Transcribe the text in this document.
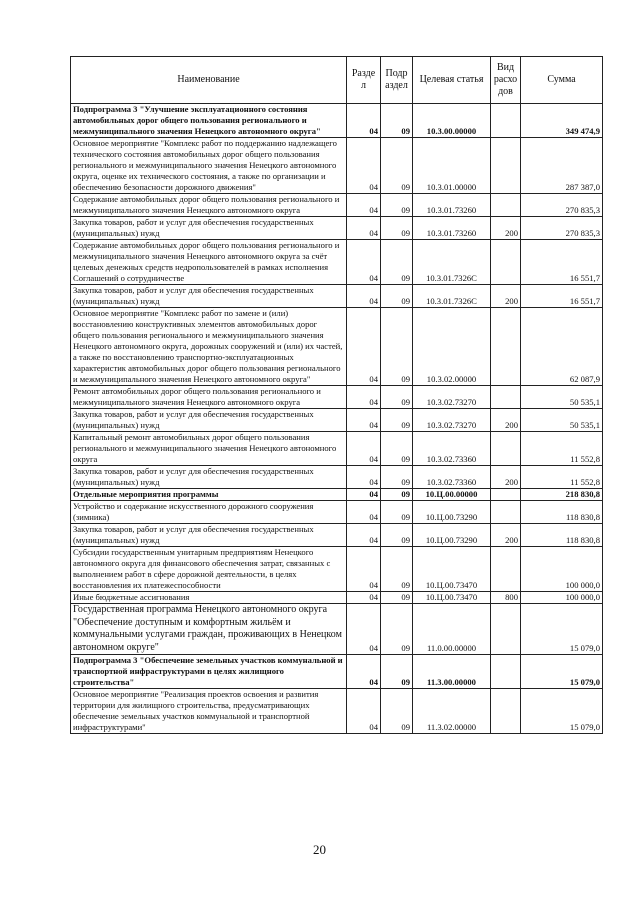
Наименование	Разде л	Подр аздел	Целевая статья	Вид расхо дов	Сумма
Подпрограмма 3 "Улучшение эксплуатационного состояния автомобильных дорог общего пользования регионального и межмуниципального значения Ненецкого автономного округа"	04	09	10.3.00.00000		349 474,9
Основное мероприятие "Комплекс работ по поддержанию надлежащего технического состояния автомобильных дорог общего пользования регионального и межмуниципального значения Ненецкого автономного округа, оценке их технического состояния, а также по организации и обеспечению безопасности дорожного движения"	04	09	10.3.01.00000		287 387,0
Содержание автомобильных дорог общего пользования регионального и межмуниципального значения Ненецкого автономного округа	04	09	10.3.01.73260		270 835,3
Закупка товаров, работ и услуг для обеспечения государственных (муниципальных) нужд	04	09	10.3.01.73260	200	270 835,3
Содержание автомобильных дорог общего пользования регионального и межмуниципального значения Ненецкого автономного округа за счёт целевых денежных средств недропользователей в рамках исполнения Соглашений о сотрудничестве	04	09	10.3.01.7326С		16 551,7
Закупка товаров, работ и услуг для обеспечения государственных (муниципальных) нужд	04	09	10.3.01.7326С	200	16 551,7
Основное мероприятие "Комплекс работ по замене и (или) восстановлению конструктивных элементов автомобильных дорог общего пользования регионального и межмуниципального значения Ненецкого автономного округа, дорожных сооружений и (или) их частей, а также по восстановлению транспортно-эксплуатационных характеристик автомобильных дорог общего пользования регионального и межмуниципального значения Ненецкого автономного округа"	04	09	10.3.02.00000		62 087,9
Ремонт автомобильных дорог общего пользования регионального и межмуниципального значения Ненецкого автономного округа	04	09	10.3.02.73270		50 535,1
Закупка товаров, работ и услуг для обеспечения государственных (муниципальных) нужд	04	09	10.3.02.73270	200	50 535,1
Капитальный ремонт автомобильных дорог общего пользования регионального и межмуниципального значения Ненецкого автономного округа	04	09	10.3.02.73360		11 552,8
Закупка товаров, работ и услуг для обеспечения государственных (муниципальных) нужд	04	09	10.3.02.73360	200	11 552,8
Отдельные мероприятия программы	04	09	10.Ц.00.00000		218 830,8
Устройство и содержание искусственного дорожного сооружения (зимника)	04	09	10.Ц.00.73290		118 830,8
Закупка товаров, работ и услуг для обеспечения государственных (муниципальных) нужд	04	09	10.Ц.00.73290	200	118 830,8
Субсидии государственным унитарным предприятиям Ненецкого автономного округа для финансового обеспечения затрат, связанных с выполнением работ в сфере дорожной деятельности, в целях восстановления их платежеспособности	04	09	10.Ц.00.73470		100 000,0
Иные бюджетные ассигнования	04	09	10.Ц.00.73470	800	100 000,0
Государственная программа Ненецкого автономного округа "Обеспечение доступным и комфортным жильём и коммунальными услугами граждан, проживающих в Ненецком автономном округе"	04	09	11.0.00.00000		15 079,0
Подпрограмма 3 "Обеспечение земельных участков коммунальной и транспортной инфраструктурами в целях жилищного строительства"	04	09	11.3.00.00000		15 079,0
Основное мероприятие "Реализация проектов освоения и развития территории для жилищного строительства, предусматривающих обеспечение земельных участков коммунальной и транспортной инфраструктурами"	04	09	11.3.02.00000		15 079,0
20
